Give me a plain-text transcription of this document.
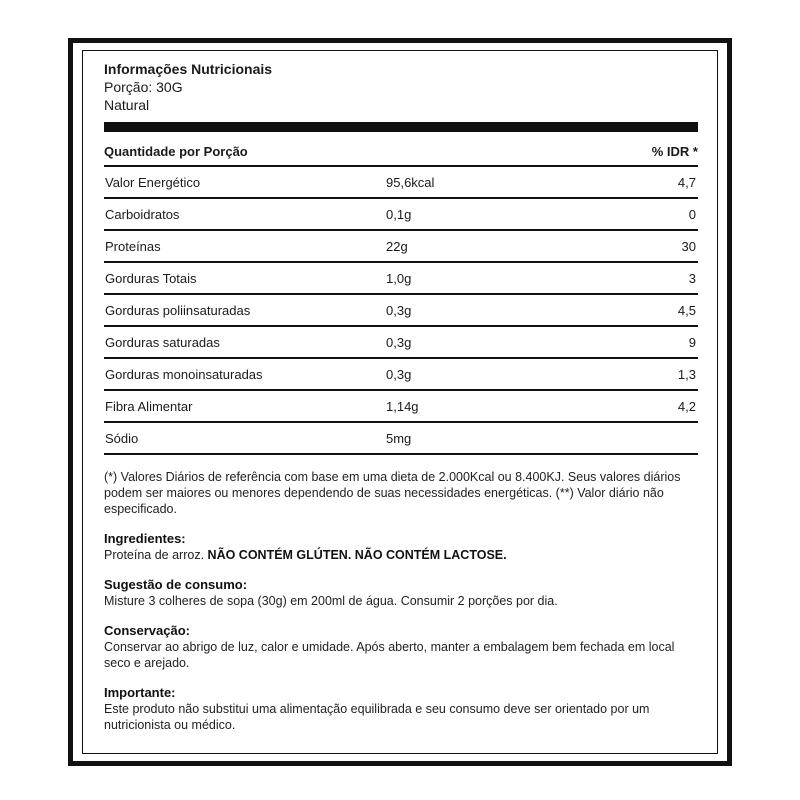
Informações Nutricionais
Porção: 30G
Natural
Quantidade por Porção	% IDR *
Valor Energético	95,6kcal	4,7
Carboidratos	0,1g	0
Proteínas	22g	30
Gorduras Totais	1,0g	3
Gorduras poliinsaturadas	0,3g	4,5
Gorduras saturadas	0,3g	9
Gorduras monoinsaturadas	0,3g	1,3
Fibra Alimentar	1,14g	4,2
Sódio	5mg
(*) Valores Diários de referência com base em uma dieta de 2.000Kcal ou 8.400KJ. Seus valores diários podem ser maiores ou menores dependendo de suas necessidades energéticas. (**) Valor diário não especificado.
Ingredientes:
Proteína de arroz. NÃO CONTÉM GLÚTEN. NÃO CONTÉM LACTOSE.
Sugestão de consumo:
Misture 3 colheres de sopa (30g) em 200ml de água. Consumir 2 porções por dia.
Conservação:
Conservar ao abrigo de luz, calor e umidade. Após aberto, manter a embalagem bem fechada em local seco e arejado.
Importante:
Este produto não substitui uma alimentação equilibrada e seu consumo deve ser orientado por um nutricionista ou médico.
